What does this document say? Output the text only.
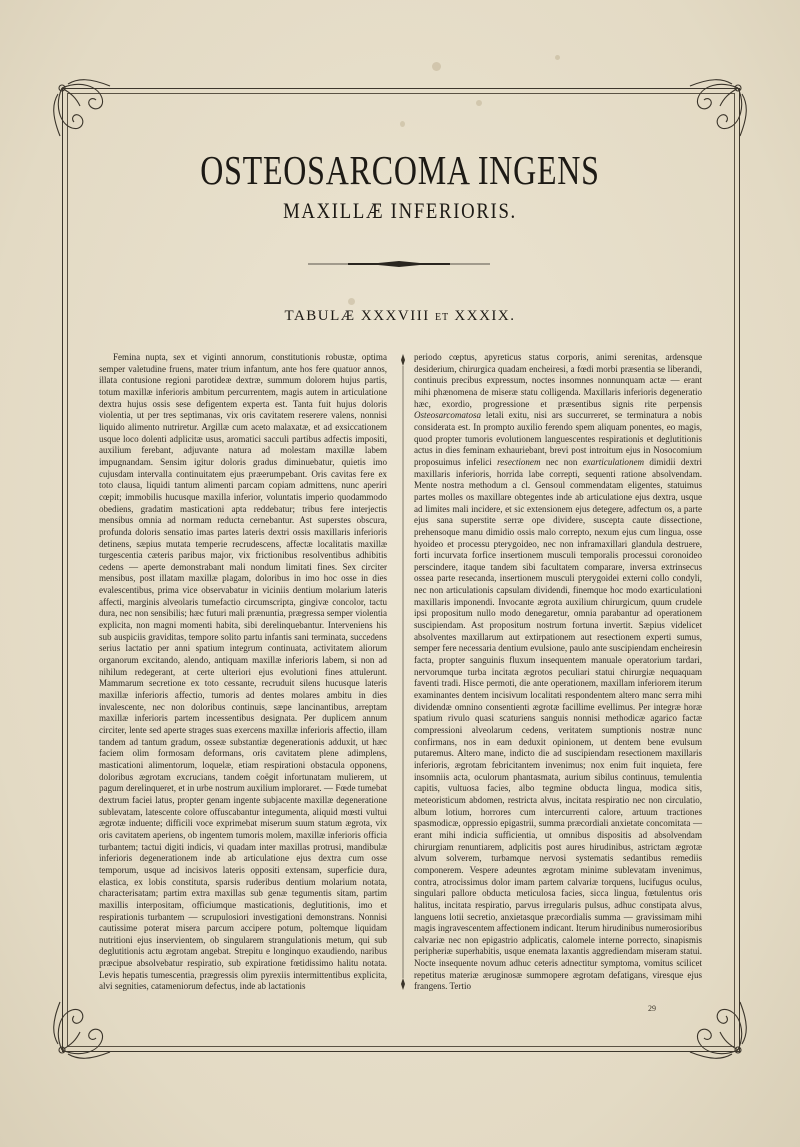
OSTEOSARCOMA INGENS
MAXILLÆ INFERIORIS.
TABULÆ XXXVIII ET XXXIX.
Femina nupta, sex et viginti annorum, constitutionis robustæ, optima semper valetudine fruens, mater trium infantum, ante hos fere quatuor annos, illata contusione regioni parotideæ dextræ, summum dolorem hujus partis, totum maxillæ inferioris ambitum percurrentem, magis autem in articulatione dextra hujus ossis sese defigentem experta est. Tanta fuit hujus doloris violentia, ut per tres septimanas, vix oris cavitatem reserere valens, nonnisi liquido alimento nutriretur. Argillæ cum aceto malaxatæ, et ad exsiccationem usque loco dolenti adplicitæ usus, aromatici sacculi partibus adfectis impositi, auxilium ferebant, adjuvante natura ad molestam maxillæ labem impugnandam. Sensim igitur doloris gradus diminuebatur, quietis imo cujusdam intervalla continuitatem ejus præerumpebant. Oris cavitas fere ex toto clausa, liquidi tantum alimenti parcam copiam admittens, nunc aperiri cœpit; immobilis hucusque maxilla inferior, voluntatis imperio quodammodo obediens, gradatim masticationi apta reddebatur; tribus fere interjectis mensibus omnia ad normam reducta cernebantur. Ast superstes obscura, profunda doloris sensatio imas partes lateris dextri ossis maxillaris inferioris detinens, sæpius mutata temperie recrudescens, affectæ localitatis maxillæ turgescentia cæteris paribus major, vix frictionibus resolventibus adhibitis cedens — aperte demonstrabant mali nondum limitati fines. Sex circiter mensibus, post illatam maxillæ plagam, doloribus in imo hoc osse in dies evalescentibus, prima vice observabatur in viciniis dentium molarium lateris affecti, marginis alveolaris tumefactio circumscripta, gingivæ concolor, tactu dura, nec non sensibilis; hæc futuri mali prænuntia, prægressa semper violentia explicita, non magni momenti habita, sibi derelinquebantur. Interveniens his sub auspiciis graviditas, tempore solito partu infantis sani terminata, succedens serius lactatio per anni spatium integrum continuata, activitatem aliorum organorum excitando, alendo, antiquam maxillæ inferioris labem, si non ad nihilum redegerant, at certe ulteriori ejus evolutioni fines attulerunt. Mammarum secretione ex toto cessante, recruduit silens hucusque lateris maxillæ inferioris affectio, tumoris ad dentes molares ambitu in dies invalescente, nec non doloribus continuis, sæpe lancinantibus, arreptam maxillæ inferioris partem incessentibus designata. Per duplicem annum circiter, lente sed aperte strages suas exercens maxillæ inferioris affectio, illam tandem ad tantum gradum, osseæ substantiæ degenerationis adduxit, ut hæc faciem olim formosam deformans, oris cavitatem plene adimplens, masticationi alimentorum, loquelæ, etiam respirationi obstacula opponens, doloribus ægrotam excrucians, tandem coëgit infortunatam mulierem, ut pagum derelinqueret, et in urbe nostrum auxilium imploraret. — Fœde tumebat dextrum faciei latus, propter genam ingente subjacente maxillæ degeneratione sublevatam, latescente colore offuscabantur integumenta, aliquid mœsti vultui ægrotæ induente; difficili voce exprimebat miserum suum statum ægrota, vix oris cavitatem aperiens, ob ingentem tumoris molem, maxillæ inferioris officia turbantem; tactui digiti indicis, vi quadam inter maxillas protrusi, mandibulæ inferioris degenerationem inde ab articulatione ejus dextra cum osse temporum, usque ad incisivos lateris oppositi extensam, superficie dura, elastica, ex lobis constituta, sparsis ruderibus dentium molarium notata, characterisatam; partim extra maxillas sub genæ tegumentis sitam, partim maxillis interpositam, officiumque masticationis, deglutitionis, imo et respirationis turbantem — scrupulosiori investigationi demonstrans. Nonnisi cautissime poterat misera parcum accipere potum, poltemque liquidam nutritioni ejus inservientem, ob singularem strangulationis metum, qui sub deglutitionis actu ægrotam angebat. Strepitu e longinquo exaudiendo, naribus præcipue absolvebatur respiratio, sub expiratione fœtidissimo halitu notata. Levis hepatis tumescentia, prægressis olim pyrexiis intermittentibus explicita, alvi segnities, catameniorum defectus, inde ab lactationis
periodo cœptus, apyreticus status corporis, animi serenitas, ardensque desiderium, chirurgica quadam encheiresi, a fœdi morbi præsentia se liberandi, continuis precibus expressum, noctes insomnes nonnunquam actæ — erant mihi phænomena de miseræ statu colligenda. Maxillaris inferioris degeneratio hæc, exordio, progressione et præsentibus signis rite perpensis Osteosarcomatosa letali exitu, nisi ars succurreret, se terminatura a nobis considerata est. In prompto auxilio ferendo spem aliquam ponentes, eo magis, quod propter tumoris evolutionem languescentes respirationis et deglutitionis actus in dies feminam exhauriebant, brevi post introitum ejus in Nosocomium proposuimus infelici resectionem nec non exarticulationem dimidii dextri maxillaris inferioris, horrida labe correpti, sequenti ratione absolvendam. Mente nostra methodum a cl. Gensoul commendatam eligentes, statuimus partes molles os maxillare obtegentes inde ab articulatione ejus dextra, usque ad limites mali incidere, et sic extensionem ejus detegere, adfectum os, a parte ejus sana superstite serræ ope dividere, suscepta caute dissectione, prehensoque manu dimidio ossis malo correpto, nexum ejus cum lingua, osse hyoideo et processu pterygoideo, nec non inframaxillari glandula destruere, forti incurvata forfice insertionem musculi temporalis processui coronoideo perscindere, itaque tandem sibi facultatem comparare, inversa extrinsecus ossea parte resecanda, insertionem musculi pterygoidei externi collo condyli, nec non articulationis capsulam dividendi, finemque hoc modo exarticulationi maxillaris imponendi. Invocante ægrota auxilium chirurgicum, quum crudele ipsi propositum nullo modo denegaretur, omnia parabantur ad operationem suscipiendam. Ast propositum nostrum fortuna invertit. Sæpius videlicet absolventes maxillarum aut extirpationem aut resectionem experti sumus, semper fere necessaria dentium evulsione, paulo ante suscipiendam encheiresin facta, propter sanguinis fluxum insequentem manuale operatorium tardari, nervorumque turba incitata ægrotos peculiari statui chirurgiæ nequaquam faventi tradi. Hisce permoti, die ante operationem, maxillam inferiorem iterum examinantes dentem incisivum localitati respondentem altero manc serra mihi dividendæ omnino consentienti ægrotæ facillime evellimus. Per integræ horæ spatium rivulo quasi scaturiens sanguis nonnisi methodicæ agarico factæ compressioni alveolarum cedens, veritatem sumptionis nostræ nunc confirmans, nos in eam deduxit opinionem, ut dentem bene evulsum putaremus. Altero mane, indicto die ad suscipiendam resectionem maxillaris inferioris, ægrotam febricitantem invenimus; nox enim fuit inquieta, fere insomniis acta, oculorum phantasmata, aurium sibilus continuus, temulentia capitis, vultuosa facies, albo tegmine obducta lingua, modica sitis, meteoristicum abdomen, restricta alvus, incitata respiratio nec non circulatio, album lotium, horrores cum intercurrenti calore, artuum tractiones spasmodicæ, oppressio epigastrii, summa præcordiali anxietate concomitata — erant mihi indicia sufficientia, ut omnibus dispositis ad absolvendam chirurgiam renuntiarem, adplicitis post aures hirudinibus, astrictam ægrotæ alvum solverem, turbamque nervosi systematis sedantibus remediis componerem. Vespere adeuntes ægrotam minime sublevatam invenimus, contra, atrocissimus dolor imam partem calvariæ torquens, lucifugus oculus, singulari pallore obducta meticulosa facies, sicca lingua, fœtulentus oris halitus, incitata respiratio, parvus irregularis pulsus, adhuc constipata alvus, languens lotii secretio, anxietasque præcordialis summa — gravissimam mihi magis ingravescentem affectionem indicant. Iterum hirudinibus numerosioribus calvariæ nec non epigastrio adplicatis, calomele interne porrecto, sinapismis peripheriæ superhabitis, usque enemata laxantis aggrediendam miseram statui. Nocte insequente novum adhuc ceteris adnectitur symptoma, vomitus scilicet repetitus materiæ æruginosæ summopere ægrotam defatigans, viresque ejus frangens. Tertio
29
